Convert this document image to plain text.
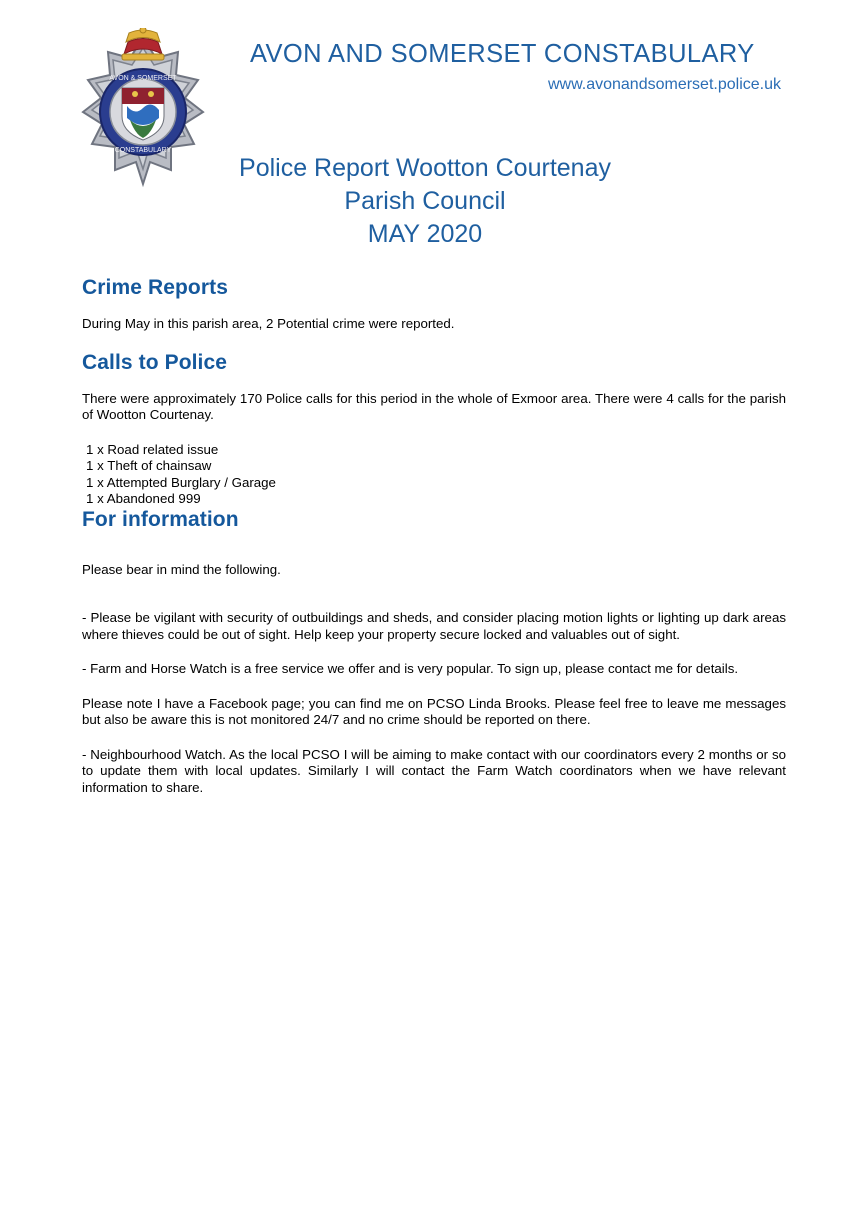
AVON & SOMERSET
CONSTABULARY
AVON AND SOMERSET CONSTABULARY
www.avonandsomerset.police.uk
Police Report Wootton Courtenay
Parish Council
MAY 2020
Crime Reports

During May in this parish area, 2 Potential crime were reported.

Calls to Police

There were approximately 170 Police calls for this period in the whole of Exmoor area. There were 4 calls for the parish of Wootton Courtenay.

1 x Road related issue
1 x Theft of chainsaw
1 x Attempted Burglary / Garage
1 x Abandoned 999
For information

Please bear in mind the following.

- Please be vigilant with security of outbuildings and sheds, and consider placing motion lights or lighting up dark areas where thieves could be out of sight. Help keep your property secure locked and valuables out of sight.

- Farm and Horse Watch is a free service we offer and is very popular. To sign up, please contact me for details.

Please note I have a Facebook page; you can find me on PCSO Linda Brooks. Please feel free to leave me messages but also be aware this is not monitored 24/7 and no crime should be reported on there.

- Neighbourhood Watch. As the local PCSO I will be aiming to make contact with our coordinators every 2 months or so to update them with local updates. Similarly I will contact the Farm Watch coordinators when we have relevant information to share.
